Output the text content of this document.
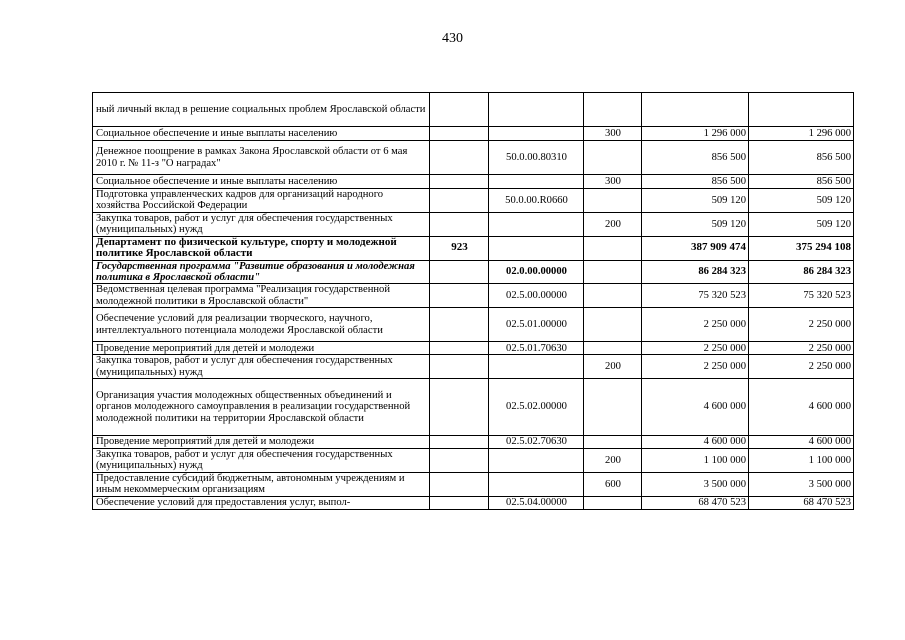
430
ный личный вклад в решение социальных проблем Ярославской области					
Социальное обеспечение и иные выплаты населению			300	1 296 000	1 296 000
Денежное поощрение в рамках Закона Ярославской области от 6 мая 2010 г. № 11-з "О наградах"		50.0.00.80310		856 500	856 500
Социальное обеспечение и иные выплаты населению			300	856 500	856 500
Подготовка управленческих кадров для организаций народного хозяйства Российской Федерации		50.0.00.R0660		509 120	509 120
Закупка товаров, работ и услуг для обеспечения государственных (муниципальных) нужд			200	509 120	509 120
Департамент по физической культуре, спорту и молодежной политике Ярославской области	923			387 909 474	375 294 108
Государственная программа "Развитие образования и молодежная политика в Ярославской области"		02.0.00.00000		86 284 323	86 284 323
Ведомственная целевая программа "Реализация государственной молодежной политики в Ярославской области"		02.5.00.00000		75 320 523	75 320 523
Обеспечение условий для реализации творческого, научного, интеллектуального потенциала молодежи Ярославской области		02.5.01.00000		2 250 000	2 250 000
Проведение мероприятий для детей и молодежи		02.5.01.70630		2 250 000	2 250 000
Закупка товаров, работ и услуг для обеспечения государственных (муниципальных) нужд			200	2 250 000	2 250 000
Организация участия молодежных общественных объединений и органов молодежного самоуправления в реализации государственной молодежной политики на территории Ярославской области		02.5.02.00000		4 600 000	4 600 000
Проведение мероприятий для детей и молодежи		02.5.02.70630		4 600 000	4 600 000
Закупка товаров, работ и услуг для обеспечения государственных (муниципальных) нужд			200	1 100 000	1 100 000
Предоставление субсидий бюджетным, автономным учреждениям и иным некоммерческим организациям			600	3 500 000	3 500 000
Обеспечение условий для предоставления услуг, выпол-		02.5.04.00000		68 470 523	68 470 523
